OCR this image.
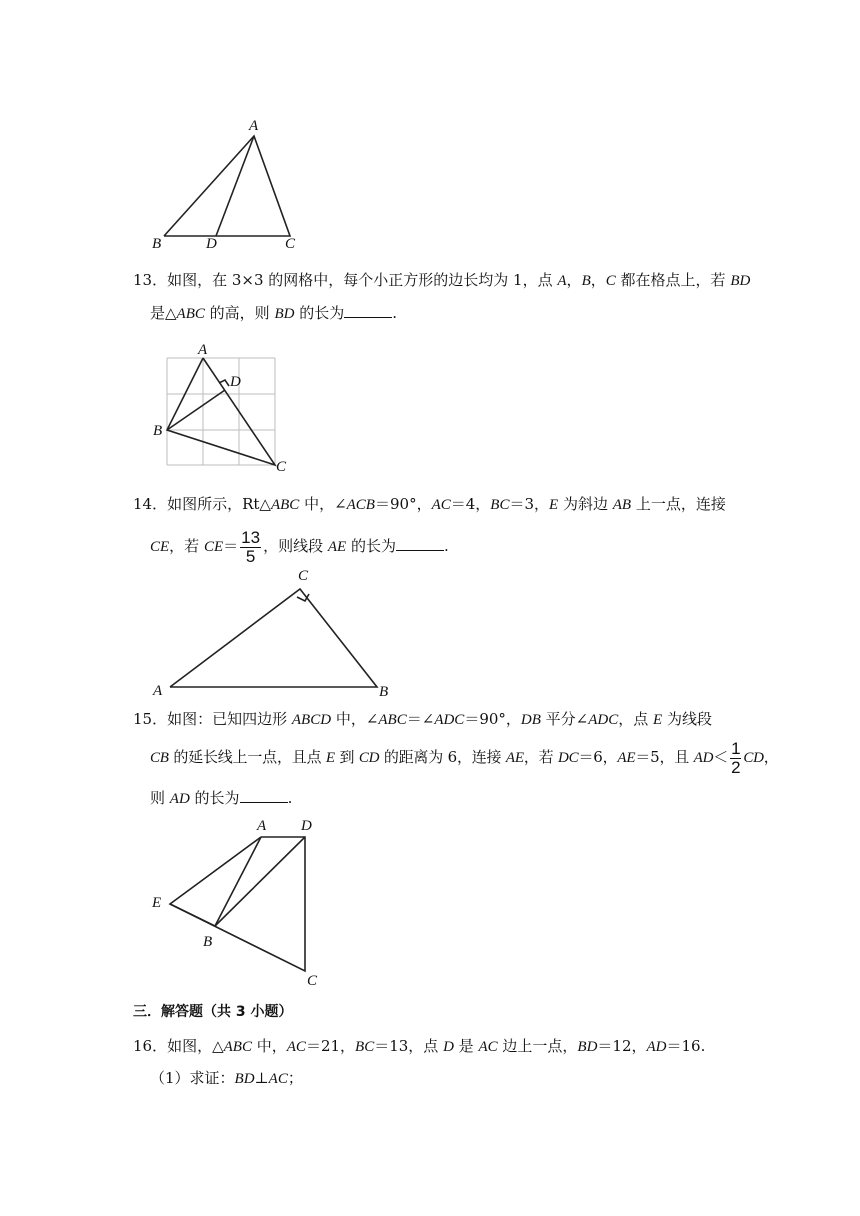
A
B	D	C
13．如图，在 3×3 的网格中，每个小正方形的边长均为 1，点 A，B，C 都在格点上，若 BD
是△ABC 的高，则 BD 的长为	.
A
D
B
C
14．如图所示，Rt△ABC 中，∠ACB＝90°，AC＝4，BC＝3，E 为斜边 AB 上一点，连接
CE，若 $CE= \frac{13}{5}$ ，则线段 AE 的长为	.
C
A	B
15．如图：已知四边形 ABCD 中，∠ABC＝∠ADC＝90°，DB 平分∠ADC，点 E 为线段
CB 的延长线上一点，且点 E 到 CD 的距离为 6，连接 AE，若 DC＝6，AE＝5，且 $AD< \frac{1}{2}$ CD，
则 AD 的长为	.
A D
E
B
C
三．解答题（共 3 小题）
16．如图，△ABC 中，AC＝21，BC＝13，点 D 是 AC 边上一点，BD＝12，AD＝16.
（1）求证：BD⊥AC；
